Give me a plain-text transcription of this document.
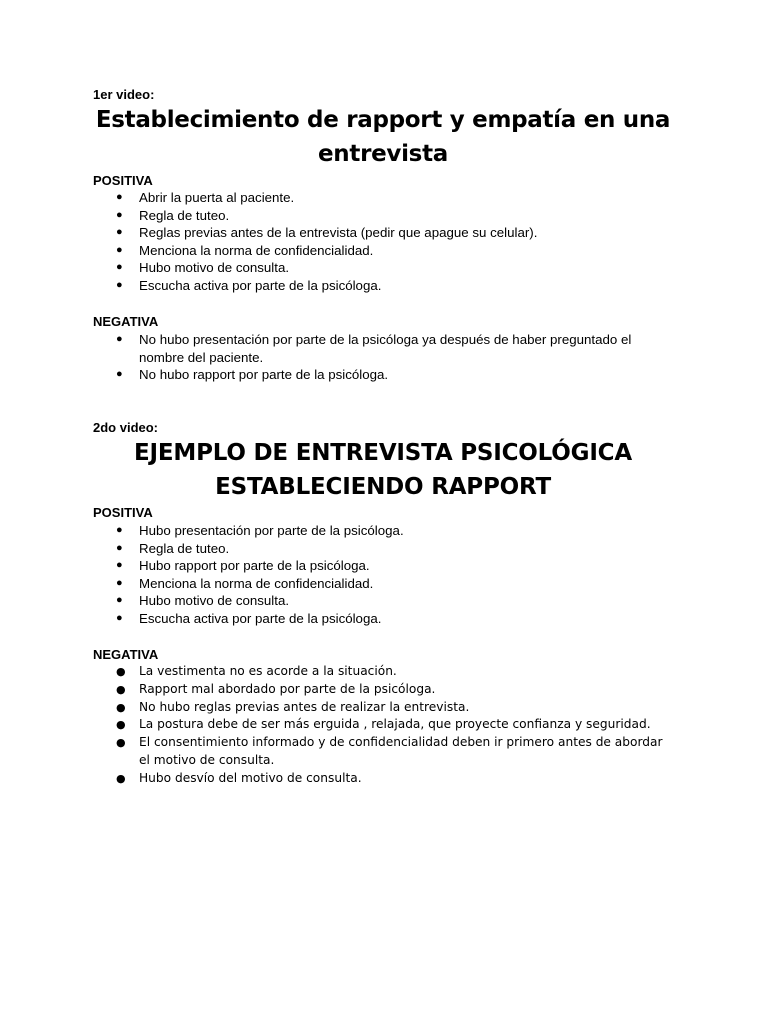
1er video:
Establecimiento de rapport y empatía en una
entrevista
POSITIVA
● Abrir la puerta al paciente.
● Regla de tuteo.
● Reglas previas antes de la entrevista (pedir que apague su celular).
● Menciona la norma de confidencialidad.
● Hubo motivo de consulta.
● Escucha activa por parte de la psicóloga.
NEGATIVA
● No hubo presentación por parte de la psicóloga ya después de haber preguntado el nombre del paciente.
● No hubo rapport por parte de la psicóloga.
2do video:
EJEMPLO DE ENTREVISTA PSICOLÓGICA
ESTABLECIENDO RAPPORT
POSITIVA
● Hubo presentación por parte de la psicóloga.
● Regla de tuteo.
● Hubo rapport por parte de la psicóloga.
● Menciona la norma de confidencialidad.
● Hubo motivo de consulta.
● Escucha activa por parte de la psicóloga.
NEGATIVA
● La vestimenta no es acorde a la situación.
● Rapport mal abordado por parte de la psicóloga.
● No hubo reglas previas antes de realizar la entrevista.
● La postura debe de ser más erguida , relajada, que proyecte confianza y seguridad.
● El consentimiento informado y de confidencialidad deben ir primero antes de abordar el motivo de consulta.
● Hubo desvío del motivo de consulta.
